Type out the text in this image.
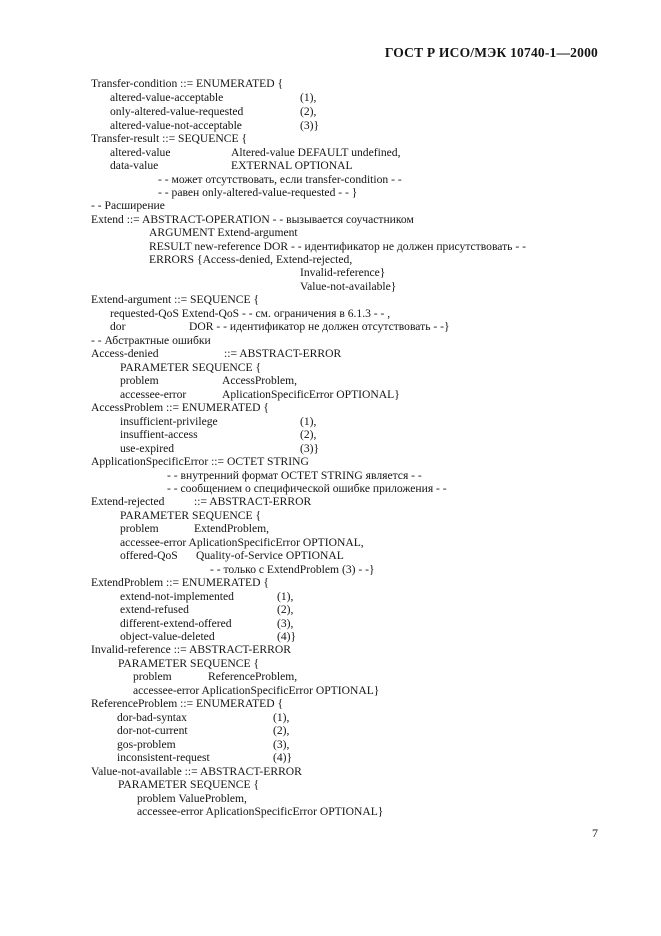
ГОСТ Р ИСО/МЭК 10740-1—2000
Transfer-condition ::= ENUMERATED {
altered-value-acceptable	(1),
only-altered-value-requested	(2),
altered-value-not-acceptable	(3)}
Transfer-result ::= SEQUENCE {
altered-value	Altered-value DEFAULT undefined,
data-value	EXTERNAL OPTIONAL
- - может отсутствовать, если transfer-condition - -
- - равен only-altered-value-requested - - }
- - Расширение
Extend ::= ABSTRACT-OPERATION - - вызывается соучастником
ARGUMENT Extend-argument
RESULT new-reference DOR - - идентификатор не должен присутствовать - -
ERRORS {Access-denied, Extend-rejected,
Invalid-reference}
Value-not-available}
Extend-argument ::= SEQUENCE {
requested-QoS Extend-QoS - - см. ограничения в 6.1.3 - - ,
dor	DOR - - идентификатор не должен отсутствовать - -}
- - Абстрактные ошибки
Access-denied	::= ABSTRACT-ERROR
PARAMETER SEQUENCE {
problem	AccessProblem,
accessee-error	AplicationSpecificError OPTIONAL}
AccessProblem ::= ENUMERATED {
insufficient-privilege	(1),
insuffient-access	(2),
use-expired	(3)}
ApplicationSpecificError ::= OCTET STRING
- - внутренний формат OCTET STRING является - -
- - сообщением о специфической ошибке приложения - -
Extend-rejected	::= ABSTRACT-ERROR
PARAMETER SEQUENCE {
problem	ExtendProblem,
accessee-error AplicationSpecificError OPTIONAL,
offered-QoS Quality-of-Service OPTIONAL
- - только с ExtendProblem (3) - -}
ExtendProblem ::= ENUMERATED {
extend-not-implemented	(1),
extend-refused	(2),
different-extend-offered	(3),
object-value-deleted	(4)}
Invalid-reference ::= ABSTRACT-ERROR
PARAMETER SEQUENCE {
problem	ReferenceProblem,
accessee-error AplicationSpecificError OPTIONAL}
ReferenceProblem ::= ENUMERATED {
dor-bad-syntax	(1),
dor-not-current	(2),
gos-problem	(3),
inconsistent-request	(4)}
Value-not-available ::= ABSTRACT-ERROR
PARAMETER SEQUENCE {
problem ValueProblem,
accessee-error AplicationSpecificError OPTIONAL}
7
